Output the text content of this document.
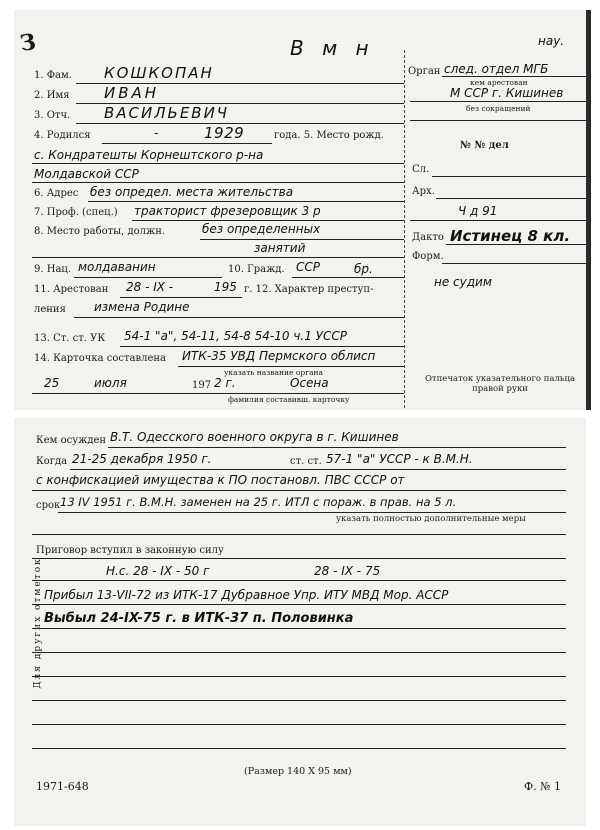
З	В м н
1. Фам. КОШКОПАН
2. Имя ИВАН
3. Отч. ВАСИЛЬЕВИЧ
4. Родился	-	1929	года. 5. Место рожд.
с. Кондратешты Корнештского р-на
Молдавской ССР
6. Адрес без определ. места жительства
7. Проф. (спец.) тракторист фрезеровщик 3 р
8. Место работы, должн.	без определенных
занятий
9. Нац. молдаванин	10. Гражд. ССР	бр.
11. Арестован 28 - IX -	195 г. 12. Характер преступ-
ления измена Родине
13. Ст. ст. УК 54-1 "а", 54-11, 54-8 54-10 ч.1 УССР
14. Карточка составлена ИТК-35 УВД Пермского облисп
указать название органа
25	июля	197 2 г.	Осена
фамилия составивш. карточку
нау.
Орган след. отдел МГБ
кем арестован
М ССР г. Кишинев
без сокращений
№ № дел
Сл.
Арх.
Ч д 91
Дакто Истинец 8 кл.
Форм.
не судим
Отпечаток указательного пальца правой руки
Для других отметок
Кем осужден В.Т. Одесского военного округа в г. Кишинев
Когда 21-25 декабря 1950 г.	ст. ст. 57-1 "а" УССР - к В.М.Н.
с конфискацией имущества к ПО постановл. ПВС СССР от
срок 13 IV 1951 г. В.М.Н. заменен на 25 г. ИТЛ с пораж. в прав. на 5 л.
указать полностью дополнительные меры
Приговор вступил в законную силу
Н.с. 28 - IX - 50 г	28 - IX - 75
Прибыл 13-VII-72 из ИТК-17 Дубравное Упр. ИТУ МВД Мор. АССР
Выбыл 24-IX-75 г. в ИТК-37 п. Половинка
(Размер 140 Х 95 мм)
1971-648	Ф. № 1
